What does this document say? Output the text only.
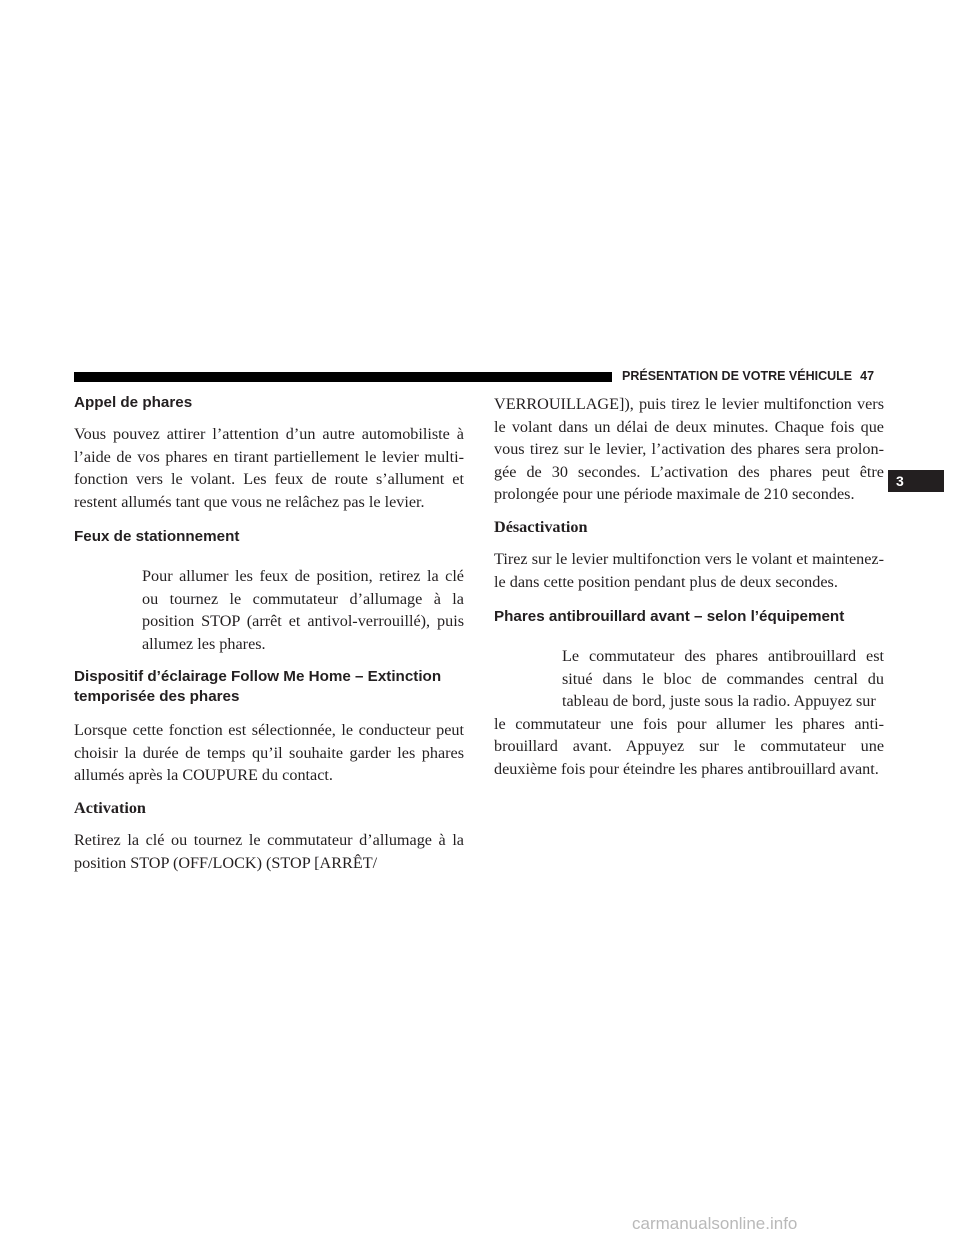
PRÉSENTATION DE VOTRE VÉHICULE 47
3
Appel de phares

Vous pouvez attirer l’attention d’un autre automobiliste à l’aide de vos phares en tirant partiellement le levier multi-fonction vers le volant. Les feux de route s’allument et restent allumés tant que vous ne relâchez pas le levier.

Feux de stationnement

Pour allumer les feux de position, retirez la clé ou tournez le commutateur d’allumage à la position STOP (arrêt et antivol-verrouillé), puis allumez les phares.

Dispositif d’éclairage Follow Me Home – Extinction
temporisée des phares

Lorsque cette fonction est sélectionnée, le conducteur peut choisir la durée de temps qu’il souhaite garder les phares allumés après la COUPURE du contact.

Activation

Retirez la clé ou tournez le commutateur d’allumage à la position STOP (OFF/LOCK) (STOP [ARRÊT/

VERROUILLAGE]), puis tirez le levier multifonction vers le volant dans un délai de deux minutes. Chaque fois que vous tirez sur le levier, l’activation des phares sera prolon-gée de 30 secondes. L’activation des phares peut être prolongée pour une période maximale de 210 secondes.

Désactivation

Tirez sur le levier multifonction vers le volant et maintenez-le dans cette position pendant plus de deux secondes.

Phares antibrouillard avant – selon l’équipement
Le commutateur des phares antibrouillard est situé dans le bloc de commandes central du tableau de bord, juste sous la radio. Appuyez sur
le commutateur une fois pour allumer les phares anti-brouillard avant. Appuyez sur le commutateur une deuxième fois pour éteindre les phares antibrouillard avant.
carmanualsonline.info
